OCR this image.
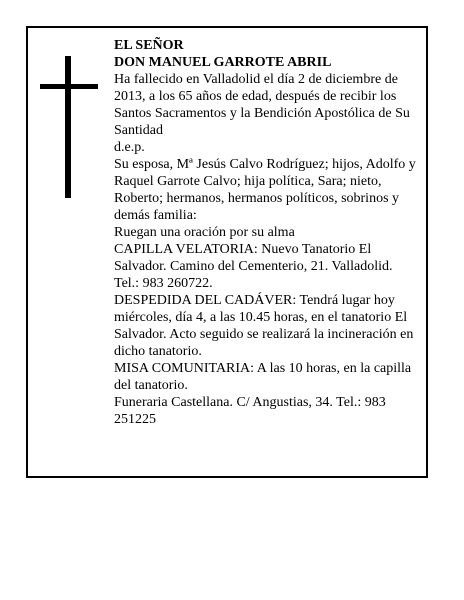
EL SEÑOR

DON MANUEL GARROTE ABRIL

Ha fallecido en Valladolid el día 2 de diciembre de 2013, a los 65 años de edad, después de recibir los Santos Sacramentos y la Bendición Apostólica de Su Santidad

d.e.p.

Su esposa, Mª Jesús Calvo Rodríguez; hijos, Adolfo y Raquel Garrote Calvo; hija política, Sara; nieto, Roberto; hermanos, hermanos políticos, sobrinos y demás familia:

Ruegan una oración por su alma

CAPILLA VELATORIA: Nuevo Tanatorio El Salvador. Camino del Cementerio, 21. Valladolid. Tel.: 983 260722.

DESPEDIDA DEL CADÁVER: Tendrá lugar hoy miércoles, día 4, a las 10.45 horas, en el tanatorio El Salvador. Acto seguido se realizará la incineración en dicho tanatorio.

MISA COMUNITARIA: A las 10 horas, en la capilla del tanatorio.

Funeraria Castellana. C/ Angustias, 34. Tel.: 983 251225
